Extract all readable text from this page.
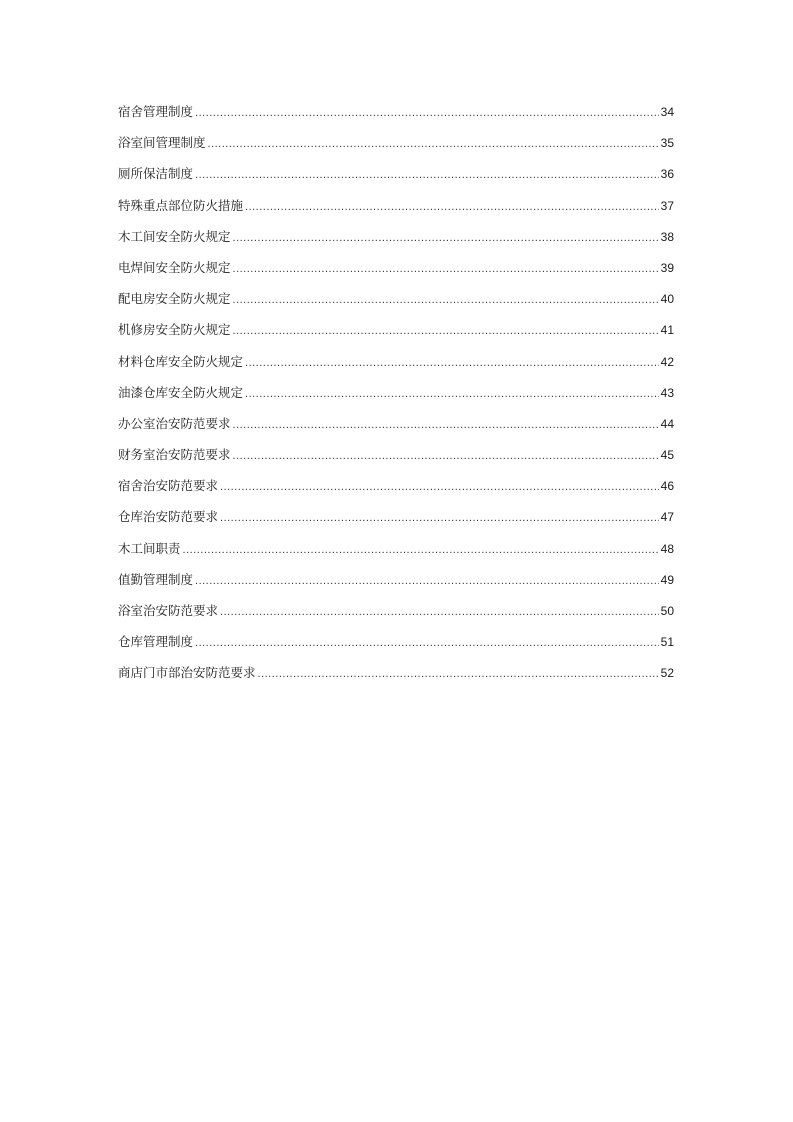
宿舍管理制度 .....	34
浴室间管理制度 .....	35
厕所保洁制度 .....	36
特殊重点部位防火措施 .....	37
木工间安全防火规定 .....	38
电焊间安全防火规定 .....	39
配电房安全防火规定 .....	40
机修房安全防火规定 .....	41
材料仓库安全防火规定 .....	42
油漆仓库安全防火规定 .....	43
办公室治安防范要求 .....	44
财务室治安防范要求 .....	45
宿舍治安防范要求 .....	46
仓库治安防范要求 .....	47
木工间职责 .....	48
值勤管理制度 .....	49
浴室治安防范要求 .....	50
仓库管理制度 .....	51
商店门市部治安防范要求 .....	52
